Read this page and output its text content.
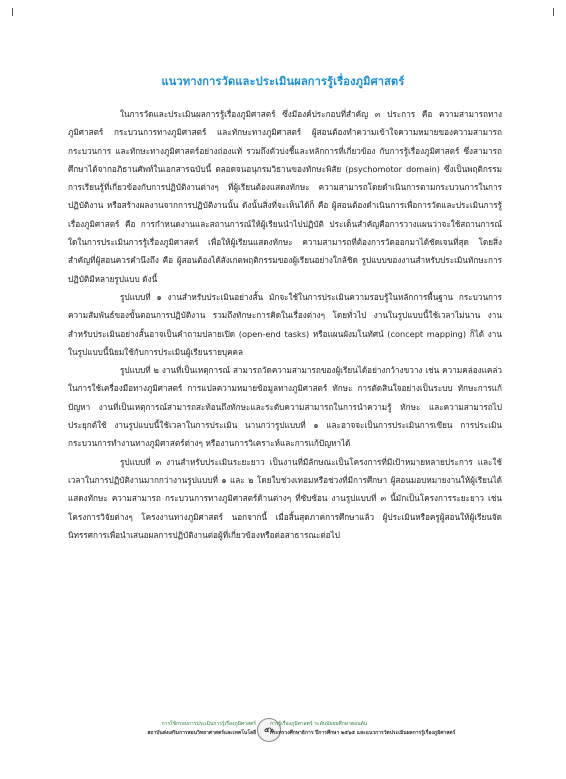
แนวทางการวัดและประเมินผลการรู้เรื่องภูมิศาสตร์

ในการวัดและประเมินผลการรู้เรื่องภูมิศาสตร์ ซึ่งมีองค์ประกอบที่สำคัญ ๓ ประการ คือ ความสามารถทางภูมิศาสตร์ กระบวนการทางภูมิศาสตร์ และทักษะทางภูมิศาสตร์ ผู้สอนต้องทำความเข้าใจความหมายของความสามารถ กระบวนการ และทักษะทางภูมิศาสตร์อย่างถ่องแท้ รวมถึงตัวบ่งชี้และหลักการที่เกี่ยวข้อง กับการรู้เรื่องภูมิศาสตร์ ซึ่งสามารถศึกษาได้จากอภิธานศัพท์ในเอกสารฉบับนี้ ตลอดจนอนุกรมวิธานของทักษะพิสัย (psychomotor domain) ซึ่งเป็นพฤติกรรมการเรียนรู้ที่เกี่ยวข้องกับการปฏิบัติงานต่างๆ ที่ผู้เรียนต้องแสดงทักษะ ความสามารถโดยดำเนินการตามกระบวนการในการปฏิบัติงาน หรือสร้างผลงานจากการปฏิบัติงานนั้น ดังนั้นสิ่งที่จะเห็นได้ก็ คือ ผู้สอนต้องดำเนินการเพื่อการวัดและประเมินการรู้เรื่องภูมิศาสตร์ คือ การกำหนดงานและสถานการณ์ให้ผู้เรียนนำไปปฏิบัติ ประเด็นสำคัญคือการวางแผนว่าจะใช้สถานการณ์ใดในการประเมินการรู้เรื่องภูมิศาสตร์ เพื่อให้ผู้เรียนแสดงทักษะ ความสามารถที่ต้องการวัดออกมาได้ชัดเจนที่สุด โดยสิ่งสำคัญที่ผู้สอนควรคำนึงถึง คือ ผู้สอนต้องได้สังเกตพฤติกรรมของผู้เรียนอย่างใกล้ชิด รูปแบบของงานสำหรับประเมินทักษะการปฏิบัติมีหลายรูปแบบ ดังนี้

รูปแบบที่ ๑ งานสำหรับประเมินอย่างสั้น มักจะใช้ในการประเมินความรอบรู้ในหลักการพื้นฐาน กระบวนการความสัมพันธ์ของขั้นตอนการปฏิบัติงาน รวมถึงทักษะการคิดในเรื่องต่างๆ โดยทั่วไป งานในรูปแบบนี้ใช้เวลาไม่นาน งานสำหรับประเมินอย่างสั้นอาจเป็นคำถามปลายเปิด (open-end tasks) หรือแผนผังมโนทัศน์ (concept mapping) ก็ได้ งานในรูปแบบนี้นิยมใช้กับการประเมินผู้เรียนรายบุคคล

รูปแบบที่ ๒ งานที่เป็นเหตุการณ์ สามารถวัดความสามารถของผู้เรียนได้อย่างกว้างขวาง เช่น ความคล่องแคล่วในการใช้เครื่องมือทางภูมิศาสตร์ การแปลความหมายข้อมูลทางภูมิศาสตร์ ทักษะ การตัดสินใจอย่างเป็นระบบ ทักษะการแก้ปัญหา งานที่เป็นเหตุการณ์สามารถสะท้อนถึงทักษะและระดับความสามารถในการนำความรู้ ทักษะ และความสามารถไปประยุกต์ใช้ งานรูปแบบนี้ใช้เวลาในการประเมิน นานกว่ารูปแบบที่ ๑ และอาจจะเป็นการประเมินการเขียน การประเมินกระบวนการทำงานทางภูมิศาสตร์ต่างๆ หรืองานการวิเคราะห์และการแก้ปัญหาได้

รูปแบบที่ ๓ งานสำหรับประเมินระยะยาว เป็นงานที่มีลักษณะเป็นโครงการที่มีเป้าหมายหลายประการ และใช้เวลาในการปฏิบัติงานมากกว่างานรูปแบบที่ ๑ และ ๒ โดยใบช่วงเทอมหรือช่วงที่มีการศึกษา ผู้สอนมอบหมายงานให้ผู้เรียนได้แสดงทักษะ ความสามารถ กระบวนการทางภูมิศาสตร์ด้านต่างๆ ที่ซับซ้อน งานรูปแบบที่ ๓ นี้มักเป็นโครงการระยะยาว เช่น โครงการวิจัยต่างๆ โครงงานทางภูมิศาสตร์ นอกจากนี้ เมื่อสิ้นสุดภาคการศึกษาแล้ว ผู้ประเมินหรือครูผู้สอนให้ผู้เรียนจัดนิทรรศการเพื่อนำเสนอผลการปฏิบัติงานต่อผู้ที่เกี่ยวข้องหรือต่อสาธารณะต่อไป

การใช้กรอบการประเมินการรู้เรื่องภูมิศาสตร์
สถาบันส่งเสริมการสอนวิทยาศาสตร์และเทคโนโลยี	๕๖
การรู้เรื่องภูมิศาสตร์ ระดับมัธยมศึกษาตอนต้น
กระทรวงศึกษาธิการ ปีการศึกษา ๒๕๖๕ และแนวการวัดประเมินผลการรู้เรื่องภูมิศาสตร์
